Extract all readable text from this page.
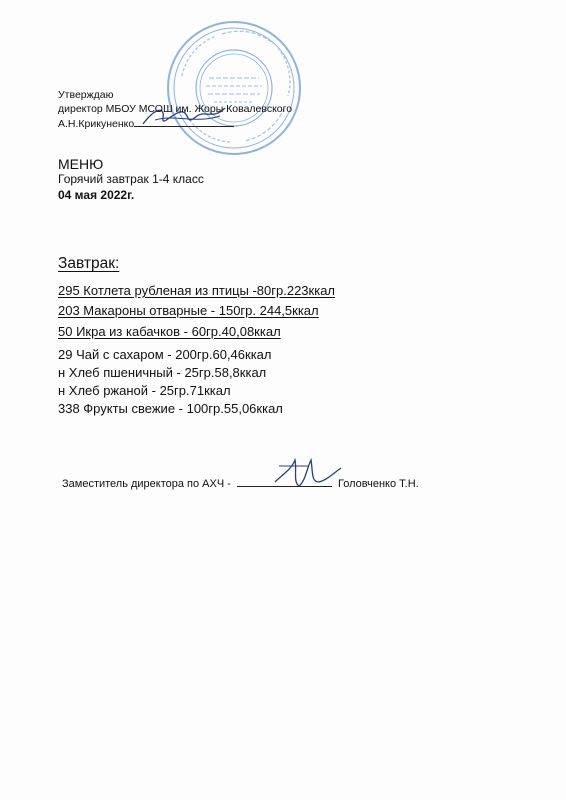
Утверждаю
директор МБОУ МСОШ им. Жоры Ковалевского
А.Н.Крикуненко
МЕНЮ
Горячий завтрак 1-4 класс
04 мая 2022г.
Завтрак:
295 Котлета рубленая из птицы -80гр.223ккал
203 Макароны отварные - 150гр. 244,5ккал
50 Икра из кабачков - 60гр.40,08ккал
29 Чай с сахаром - 200гр.60,46ккал
н Хлеб пшеничный - 25гр.58,8ккал
н Хлеб ржаной - 25гр.71ккал
338 Фрукты свежие - 100гр.55,06ккал
Заместитель директора по АХЧ -	Головченко Т.Н.
